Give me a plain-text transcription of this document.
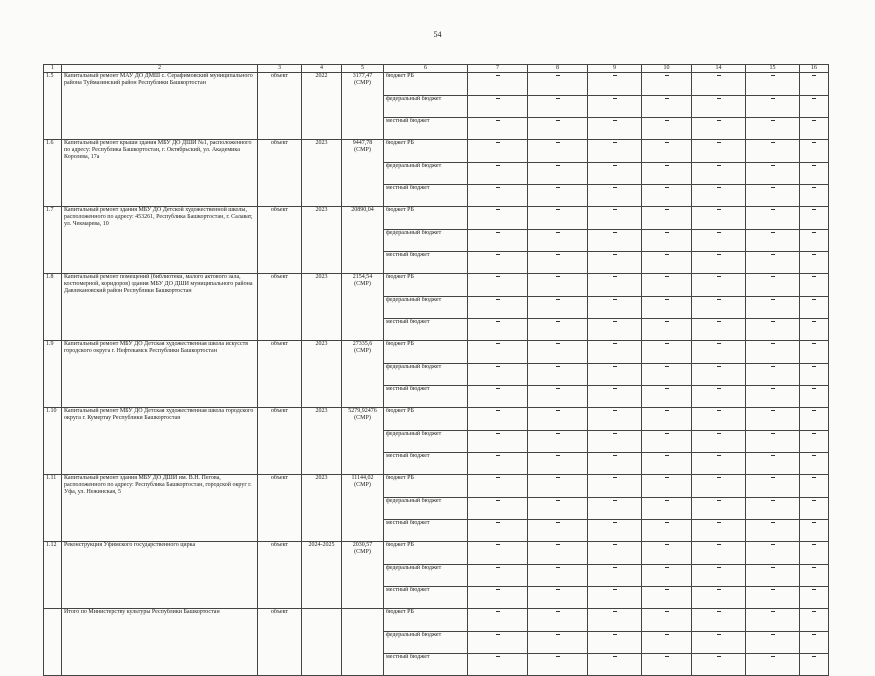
54
1	2	3	4	5	6	7	8	9	10	14	15	16
1.5	Капитальный ремонт МАУ ДО ДМШ с. Серафимовский муниципального района Туймазинский район Республики Башкортостан	объект	2022	3177,47 (СМР)	бюджет РБ							
					федеральный бюджет							
					местный бюджет							
1.6	Капитальный ремонт крыши здания МБУ ДО ДШИ №1, расположенного по адресу: Республика Башкортостан, г. Октябрьский, ул. Академика Королева, 17а	объект	2023	9447,78 (СМР)	бюджет РБ							
					федеральный бюджет							
					местный бюджет							
1.7	Капитальный ремонт здания МБУ ДО Детской художественной школы, расположенного по адресу: 453261, Республика Башкортостан, г. Салават, ул. Чекмарева, 10	объект	2023	20890,04	бюджет РБ							
					федеральный бюджет							
					местный бюджет							
1.8	Капитальный ремонт помещений (библиотеки, малого актового зала, костюмерной, коридоров) здания МБУ ДО ДШИ муниципального района Давлекановский район Республики Башкортостан	объект	2023	2154,54 (СМР)	бюджет РБ							
					федеральный бюджет							
					местный бюджет							
1.9	Капитальный ремонт МБУ ДО Детская художественная школа искусств городского округа г. Нефтекамск Республики Башкортостан	объект	2023	27335,6 (СМР)	бюджет РБ							
					федеральный бюджет							
					местный бюджет							
1.10	Капитальный ремонт МБУ ДО Детская художественная школа городского округа г. Кумертау Республики Башкортостан	объект	2023	5279,92476 (СМР)	бюджет РБ							
					федеральный бюджет							
					местный бюджет							
1.11	Капитальный ремонт здания МБУ ДО ДШИ им. В.Н. Пегова, расположенного по адресу: Республика Башкортостан, городской округ г. Уфа, ул. Нежинская, 5	объект	2023	11144,02 (СМР)	бюджет РБ							
					федеральный бюджет							
					местный бюджет							
1.12	Реконструкция Уфимского государственного цирка	объект	2024-2025	2030,57 (СМР)	бюджет РБ							
					федеральный бюджет							
					местный бюджет							
	Итого по Министерству культуры Республики Башкортостан	объект			бюджет РБ							
					федеральный бюджет							
					местный бюджет							
